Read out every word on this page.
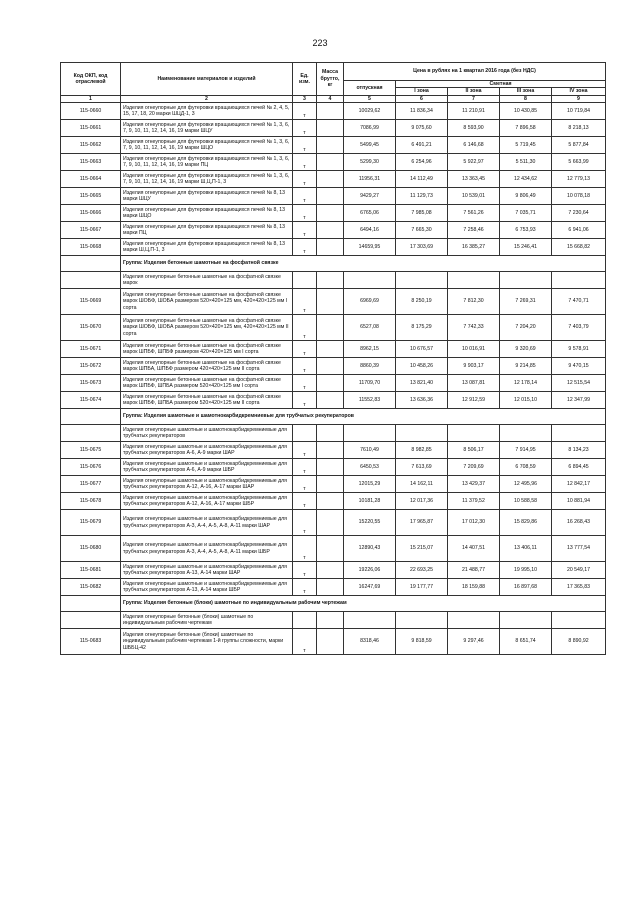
223
Код ОКП, код отраслевой	Наименование материалов и изделий	Ед. изм.	Масса брутто, кг	Цена в рублях на 1 квартал 2016 года (без НДС)				
				отпускная	Сметная			
					I зона	II зона	III зона	IV зона
1	2	3	4	5	6	7	8	9
115-0660	Изделия огнеупорные для футеровки вращающихся печей № 2, 4, 5, 15, 17, 18, 20 марки ШЦД-1, 3	т		10029,62	11 836,34	11 210,91	10 430,85	10 719,84
115-0661	Изделия огнеупорные для футеровки вращающихся печей № 1, 3, 6, 7, 9, 10, 11, 12, 14, 16, 19 марки ШЦУ	т		7086,99	9 075,60	8 593,90	7 896,58	8 218,13
115-0662	Изделия огнеупорные для футеровки вращающихся печей № 1, 3, 6, 7, 9, 10, 11, 12, 14, 16, 19 марки ШЦО	т		5499,45	6 491,21	6 146,68	5 719,45	5 877,84
115-0663	Изделия огнеупорные для футеровки вращающихся печей № 1, 3, 6, 7, 9, 10, 11, 12, 14, 16, 19 марки ПЦ	т		5299,30	6 254,96	5 922,97	5 511,30	5 663,99
115-0664	Изделия огнеупорные для футеровки вращающихся печей № 1, 3, 6, 7, 9, 10, 11, 12, 14, 16, 19 марки Ш,Ц,П-1, 3	т		11956,31	14 112,49	13 363,45	12 434,62	12 779,13
115-0665	Изделия огнеупорные для футеровки вращающихся печей № 8, 13 марки ШЦУ	т		9429,27	11 129,73	10 539,01	9 806,49	10 078,18
115-0666	Изделия огнеупорные для футеровки вращающихся печей № 8, 13 марки ШЦО	т		6765,06	7 985,08	7 561,26	7 035,71	7 230,64
115-0667	Изделия огнеупорные для футеровки вращающихся печей № 8, 13 марки ПЦ	т		6494,16	7 665,30	7 258,46	6 753,93	6 941,06
115-0668	Изделия огнеупорные для футеровки вращающихся печей № 8, 13 марки Ш,Ц,П-1, 3	т		14659,95	17 303,69	16 385,27	15 246,41	15 668,82
	Группа: Изделия бетонные шамотные на фосфатной связке							
	Изделия огнеупорные бетонные шамотные на фосфатной связке марок							
115-0669	Изделия огнеупорные бетонные шамотные на фосфатной связке марок ШОБФ, ШОБА размером 520×420×125 мм, 420×420×125 мм I сорта	т		6969,69	8 250,19	7 812,30	7 269,31	7 470,71
115-0670	Изделия огнеупорные бетонные шамотные на фосфатной связке марки ШОБФ, ШОБА размером 520×420×125 мм, 420×420×125 мм II сорта	т		6527,08	8 175,29	7 742,33	7 204,20	7 403,79
115-0671	Изделия огнеупорные бетонные шамотные на фосфатной связке марок ШПБФ, ШПБФ размером 420×420×125 мм I сорта	т		8962,15	10 676,57	10 016,91	9 320,69	9 578,91
115-0672	Изделия огнеупорные бетонные шамотные на фосфатной связке марок ШПБА, ШПБФ размером 420×420×125 мм II сорта	т		8860,39	10 458,26	9 903,17	9 214,85	9 470,15
115-0673	Изделия огнеупорные бетонные шамотные на фосфатной связке марок ШПБФ, ШПБА размером 520×420×125 мм I сорта	т		11709,70	13 821,40	13 087,81	12 178,14	12 515,54
115-0674	Изделия огнеупорные бетонные шамотные на фосфатной связке марок ШПБФ, ШПБА размером 520×420×125 мм II сорта	т		11552,83	13 636,36	12 912,59	12 015,10	12 347,99
	Группа: Изделия шамотные и шамотнокарбидкремниевые для трубчатых рекуператоров							
	Изделия огнеупорные шамотные и шамотнокарбидкремниевые для трубчатых рекуператоров							
115-0675	Изделия огнеупорные шамотные и шамотнокарбидкремниевые для трубчатых рекуператоров А-6, А-9 марки ШАР	т		7610,49	8 982,85	8 506,17	7 914,95	8 134,23
115-0676	Изделия огнеупорные шамотные и шамотнокарбидкремниевые для трубчатых рекуператоров А-6, А-9 марки ШБР	т		6450,53	7 613,69	7 209,69	6 708,59	6 894,45
115-0677	Изделия огнеупорные шамотные и шамотнокарбидкремниевые для трубчатых рекуператоров А-12, А-16, А-17 марки ШАР	т		12015,29	14 162,11	13 429,37	12 495,96	12 842,17
115-0678	Изделия огнеупорные шамотные и шамотнокарбидкремниевые для трубчатых рекуператоров А-12, А-16, А-17 марки ШБР	т		10181,28	12 017,36	11 379,52	10 588,58	10 881,94
115-0679	Изделия огнеупорные шамотные и шамотнокарбидкремниевые для трубчатых рекуператоров А-3, А-4, А-5, А-8, А-11 марки ШАР	т		15220,55	17 965,87	17 012,30	15 829,86	16 268,43
115-0680	Изделия огнеупорные шамотные и шамотнокарбидкремниевые для трубчатых рекуператоров А-3, А-4, А-5, А-8, А-11 марки ШБР	т		12890,43	15 215,07	14 407,51	13 406,11	13 777,54
115-0681	Изделия огнеупорные шамотные и шамотнокарбидкремниевые для трубчатых рекуператоров А-13, А-14 марки ШАР	т		19226,06	22 693,25	21 488,77	19 995,10	20 549,17
115-0682	Изделия огнеупорные шамотные и шамотнокарбидкремниевые для трубчатых рекуператоров А-13, А-14 марки ШБР	т		16247,69	19 177,77	18 159,88	16 897,68	17 365,83
	Группа: Изделия бетонные (блоки) шамотные по индивидуальным рабочим чертежам							
	Изделия огнеупорные бетонные (блоки) шамотные по индивидуальным рабочим чертежам							
115-0683	Изделия огнеупорные бетонные (блоки) шамотные по индивидуальным рабочим чертежам 1-й группы сложности, марки ШББЦ-42	т		8318,46	9 818,59	9 297,46	8 651,74	8 890,92
